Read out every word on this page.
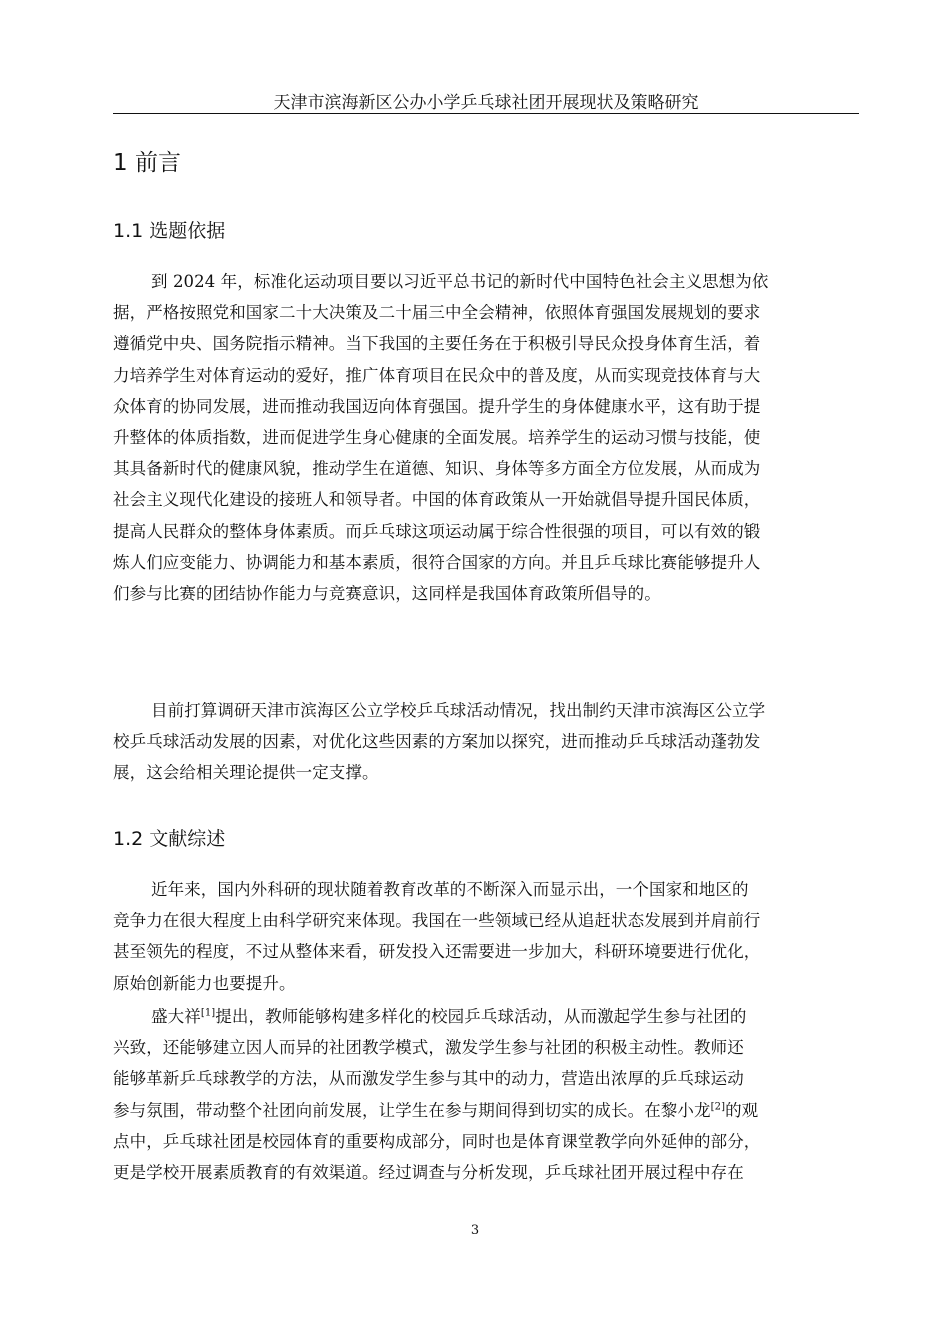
天津市滨海新区公办小学乒乓球社团开展现状及策略研究
1 前言
1.1 选题依据
到 2024 年，标准化运动项目要以习近平总书记的新时代中国特色社会主义思想为依
据，严格按照党和国家二十大决策及二十届三中全会精神，依照体育强国发展规划的要求
遵循党中央、国务院指示精神。当下我国的主要任务在于积极引导民众投身体育生活，着
力培养学生对体育运动的爱好，推广体育项目在民众中的普及度，从而实现竞技体育与大
众体育的协同发展，进而推动我国迈向体育强国。提升学生的身体健康水平，这有助于提
升整体的体质指数，进而促进学生身心健康的全面发展。培养学生的运动习惯与技能，使
其具备新时代的健康风貌，推动学生在道德、知识、身体等多方面全方位发展，从而成为
社会主义现代化建设的接班人和领导者。中国的体育政策从一开始就倡导提升国民体质，
提高人民群众的整体身体素质。而乒乓球这项运动属于综合性很强的项目，可以有效的锻
炼人们应变能力、协调能力和基本素质，很符合国家的方向。并且乒乓球比赛能够提升人
们参与比赛的团结协作能力与竞赛意识，这同样是我国体育政策所倡导的。
目前打算调研天津市滨海区公立学校乒乓球活动情况，找出制约天津市滨海区公立学
校乒乓球活动发展的因素，对优化这些因素的方案加以探究，进而推动乒乓球活动蓬勃发
展，这会给相关理论提供一定支撑。
1.2 文献综述
近年来，国内外科研的现状随着教育改革的不断深入而显示出，一个国家和地区的
竞争力在很大程度上由科学研究来体现。我国在一些领域已经从追赶状态发展到并肩前行
甚至领先的程度，不过从整体来看，研发投入还需要进一步加大，科研环境要进行优化，
原始创新能力也要提升。
盛大祥[1]提出，教师能够构建多样化的校园乒乓球活动，从而激起学生参与社团的
兴致，还能够建立因人而异的社团教学模式，激发学生参与社团的积极主动性。教师还
能够革新乒乓球教学的方法，从而激发学生参与其中的动力，营造出浓厚的乒乓球运动
参与氛围，带动整个社团向前发展，让学生在参与期间得到切实的成长。在黎小龙[2]的观
点中，乒乓球社团是校园体育的重要构成部分，同时也是体育课堂教学向外延伸的部分，
更是学校开展素质教育的有效渠道。经过调查与分析发现，乒乓球社团开展过程中存在
3
